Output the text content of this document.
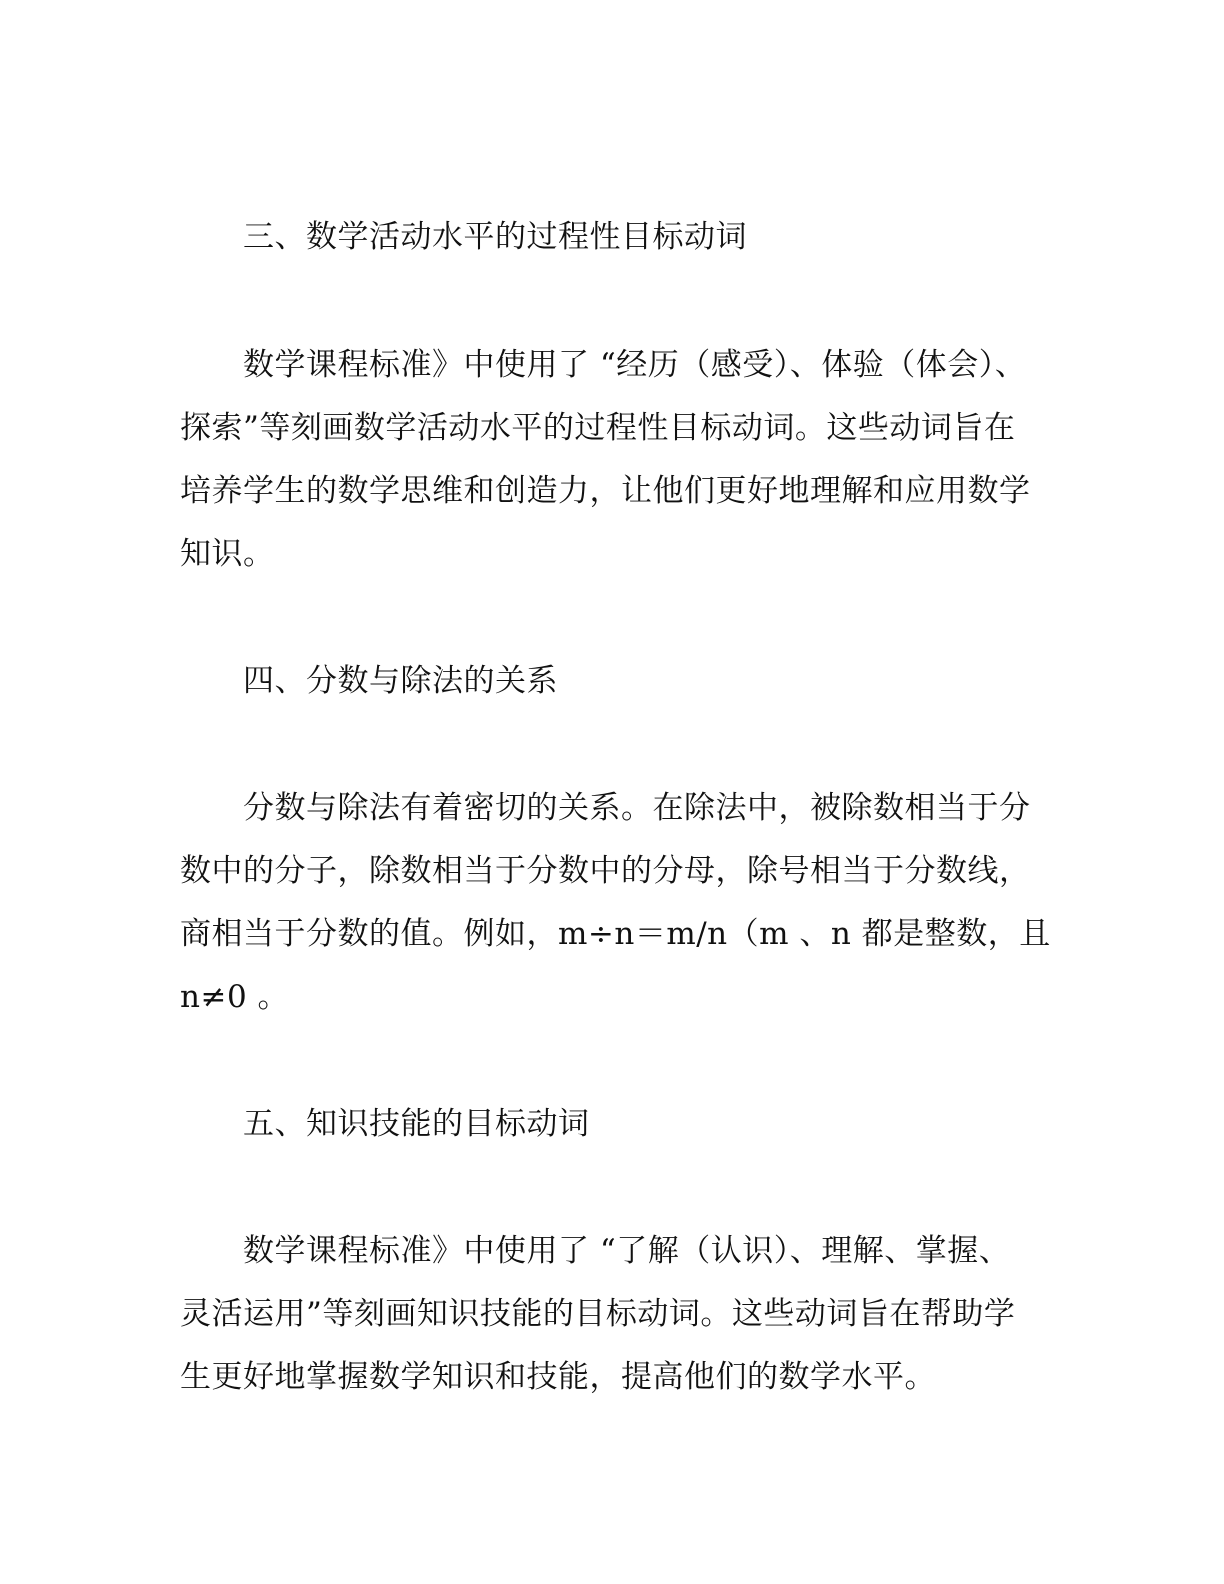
三、数学活动水平的过程性目标动词
数学课程标准》中使用了 “经历（感受）、体验（体会）、
探索”等刻画数学活动水平的过程性目标动词。这些动词旨在
培养学生的数学思维和创造力，让他们更好地理解和应用数学
知识。
四、分数与除法的关系
分数与除法有着密切的关系。在除法中，被除数相当于分
数中的分子，除数相当于分数中的分母，除号相当于分数线，
商相当于分数的值。例如，m÷n＝m/n（m 、n 都是整数，且
n≠0 。
五、知识技能的目标动词
数学课程标准》中使用了 “了解（认识）、理解、掌握、
灵活运用”等刻画知识技能的目标动词。这些动词旨在帮助学
生更好地掌握数学知识和技能，提高他们的数学水平。
